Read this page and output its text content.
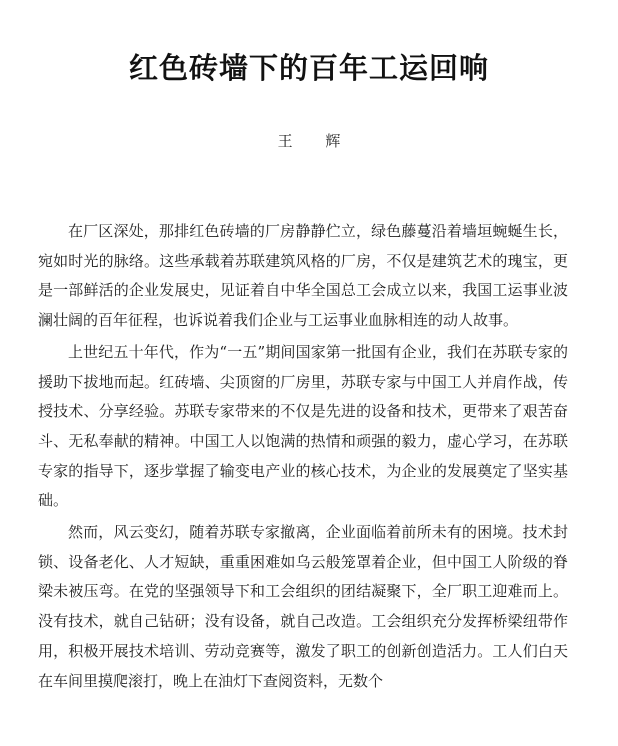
红色砖墙下的百年工运回响
王 辉

在厂区深处，那排红色砖墙的厂房静静伫立，绿色藤蔓沿着墙垣蜿蜒生长，宛如时光的脉络。这些承载着苏联建筑风格的厂房，不仅是建筑艺术的瑰宝，更是一部鲜活的企业发展史，见证着自中华全国总工会成立以来，我国工运事业波澜壮阔的百年征程，也诉说着我们企业与工运事业血脉相连的动人故事。

上世纪五十年代，作为“一五”期间国家第一批国有企业，我们在苏联专家的援助下拔地而起。红砖墙、尖顶窗的厂房里，苏联专家与中国工人并肩作战，传授技术、分享经验。苏联专家带来的不仅是先进的设备和技术，更带来了艰苦奋斗、无私奉献的精神。中国工人以饱满的热情和顽强的毅力，虚心学习，在苏联专家的指导下，逐步掌握了输变电产业的核心技术，为企业的发展奠定了坚实基础。

然而，风云变幻，随着苏联专家撤离，企业面临着前所未有的困境。技术封锁、设备老化、人才短缺，重重困难如乌云般笼罩着企业，但中国工人阶级的脊梁未被压弯。在党的坚强领导下和工会组织的团结凝聚下，全厂职工迎难而上。没有技术，就自己钻研；没有设备，就自己改造。工会组织充分发挥桥梁纽带作用，积极开展技术培训、劳动竞赛等，激发了职工的创新创造活力。工人们白天在车间里摸爬滚打，晚上在油灯下查阅资料，无数个
